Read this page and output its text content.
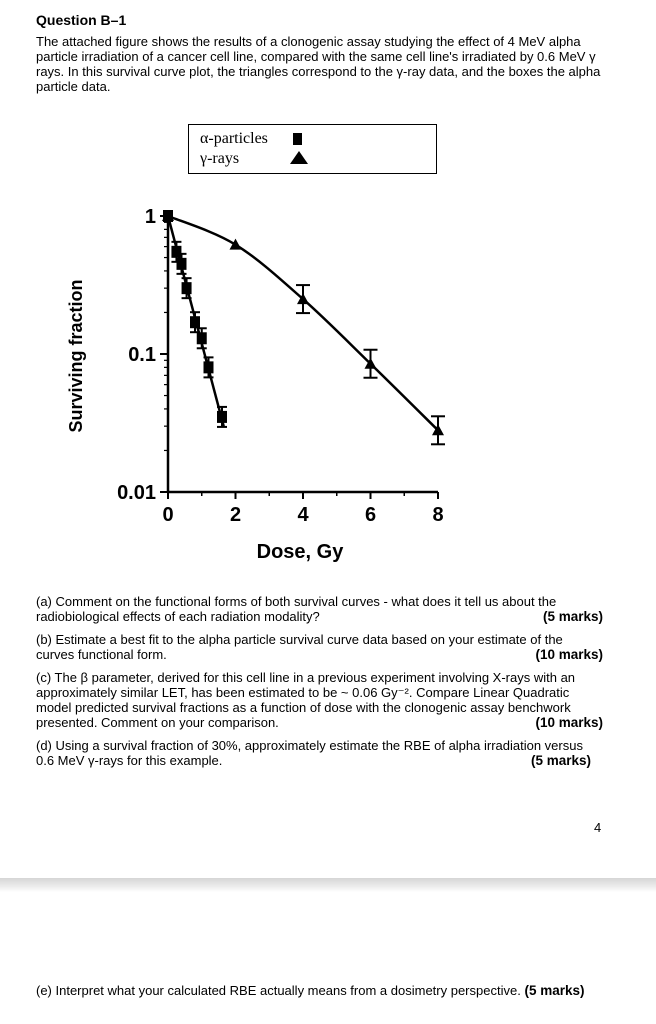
Question B–1
The attached figure shows the results of a clonogenic assay studying the effect of 4 MeV alpha particle irradiation of a cancer cell line, compared with the same cell line's irradiated by 0.6 MeV γ rays. In this survival curve plot, the triangles correspond to the γ-ray data, and the boxes the alpha particle data.
α-particles
γ-rays
0	2	4	6	8
0.01
0.1
1
Dose, Gy
Surviving fraction
(a) Comment on the functional forms of both survival curves - what does it tell us about the radiobiological effects of each radiation modality?	(5 marks)
(b) Estimate a best fit to the alpha particle survival curve data based on your estimate of the curves functional form.	(10 marks)
(c) The β parameter, derived for this cell line in a previous experiment involving X-rays with an approximately similar LET, has been estimated to be ~ 0.06 Gy⁻². Compare Linear Quadratic model predicted survival fractions as a function of dose with the clonogenic assay benchwork presented. Comment on your comparison.	(10 marks)
(d) Using a survival fraction of 30%, approximately estimate the RBE of alpha irradiation versus 0.6 MeV γ-rays for this example.	(5 marks)
4
(e) Interpret what your calculated RBE actually means from a dosimetry perspective. (5 marks)
